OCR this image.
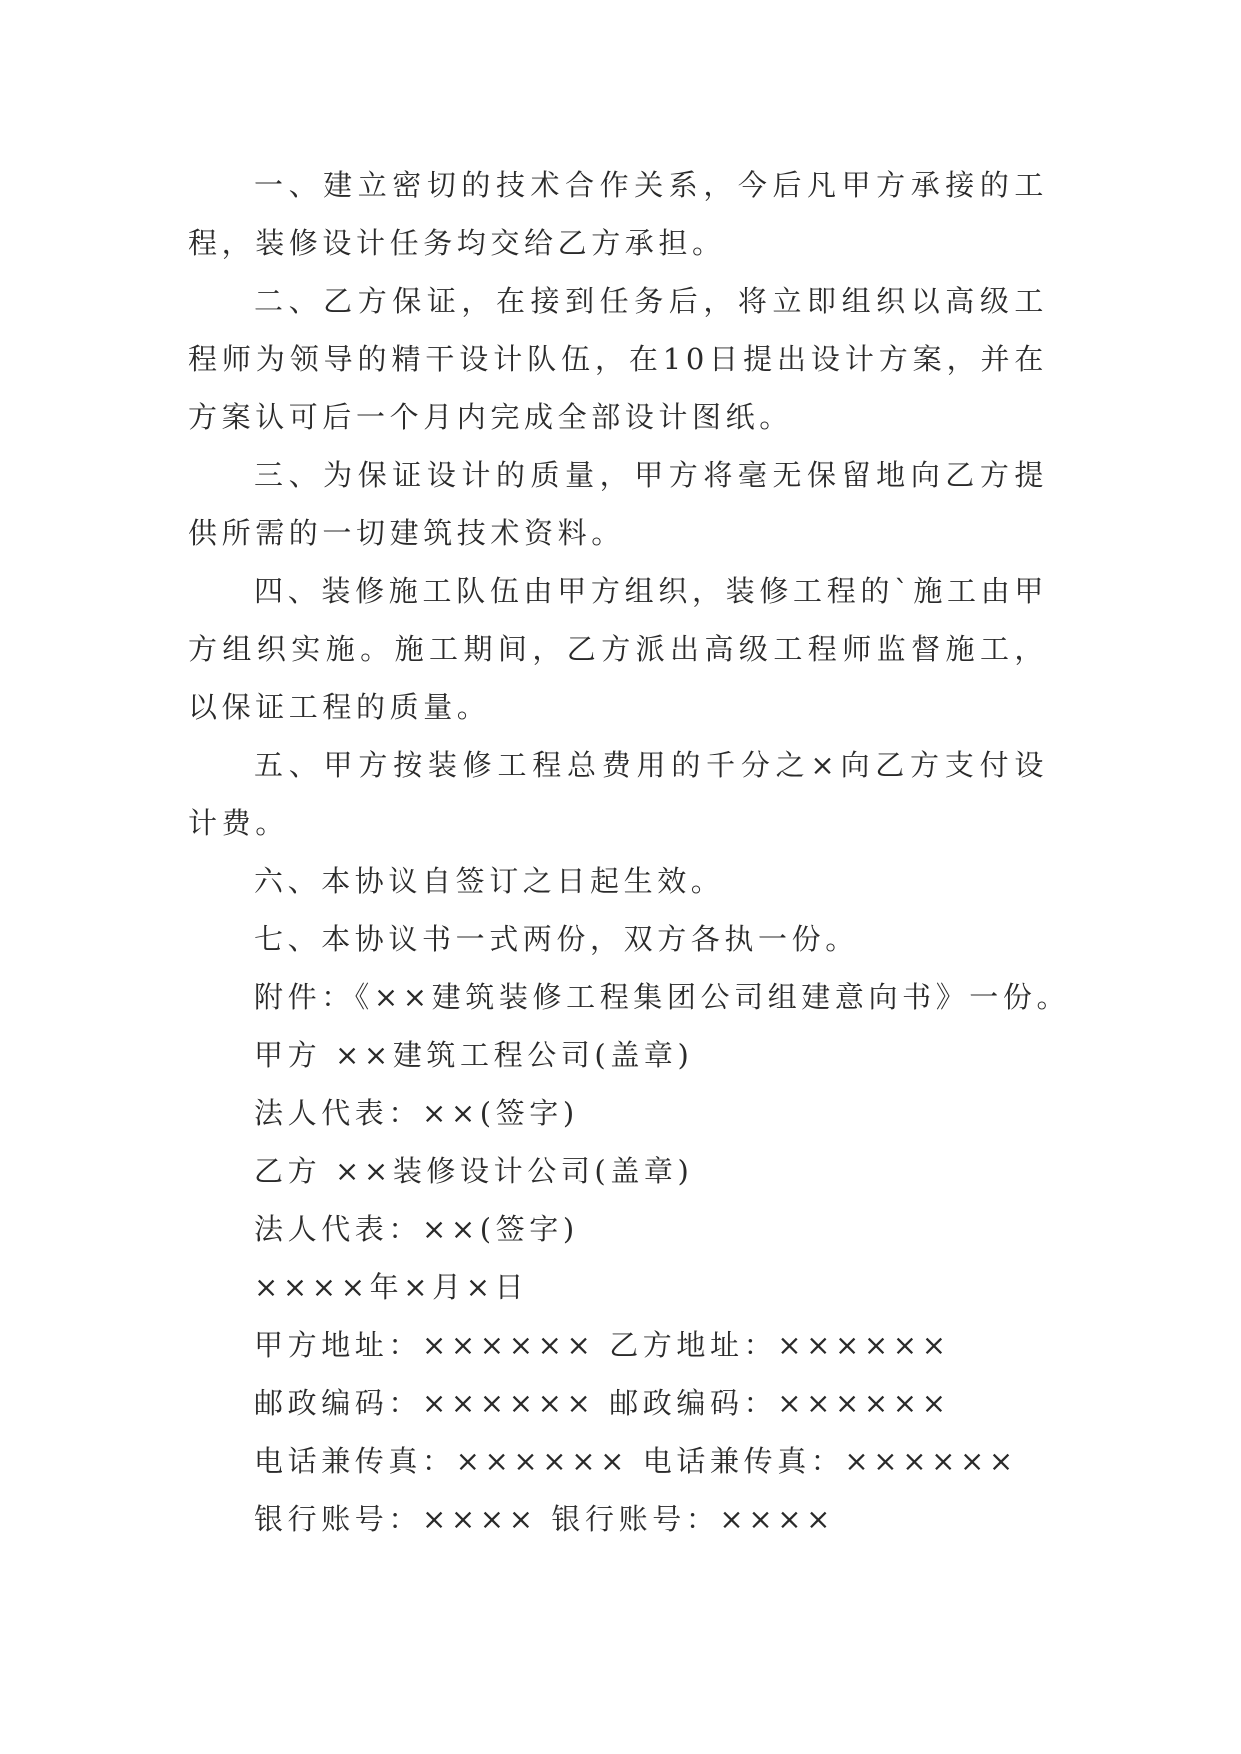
一、建立密切的技术合作关系，今后凡甲方承接的工程，装修设计任务均交给乙方承担。

二、乙方保证，在接到任务后，将立即组织以高级工程师为领导的精干设计队伍，在10日提出设计方案，并在方案认可后一个月内完成全部设计图纸。

三、为保证设计的质量，甲方将毫无保留地向乙方提供所需的一切建筑技术资料。

四、装修施工队伍由甲方组织，装修工程的`施工由甲方组织实施。施工期间，乙方派出高级工程师监督施工，以保证工程的质量。

五、甲方按装修工程总费用的千分之×向乙方支付设计费。

六、本协议自签订之日起生效。

七、本协议书一式两份，双方各执一份。

附件：《××建筑装修工程集团公司组建意向书》一份。

甲方 ××建筑工程公司(盖章)

法人代表：××(签字)

乙方 ××装修设计公司(盖章)

法人代表：××(签字)

××××年×月×日

甲方地址：×××××× 乙方地址：××××××

邮政编码：×××××× 邮政编码：××××××

电话兼传真：×××××× 电话兼传真：××××××

银行账号：×××× 银行账号：××××
